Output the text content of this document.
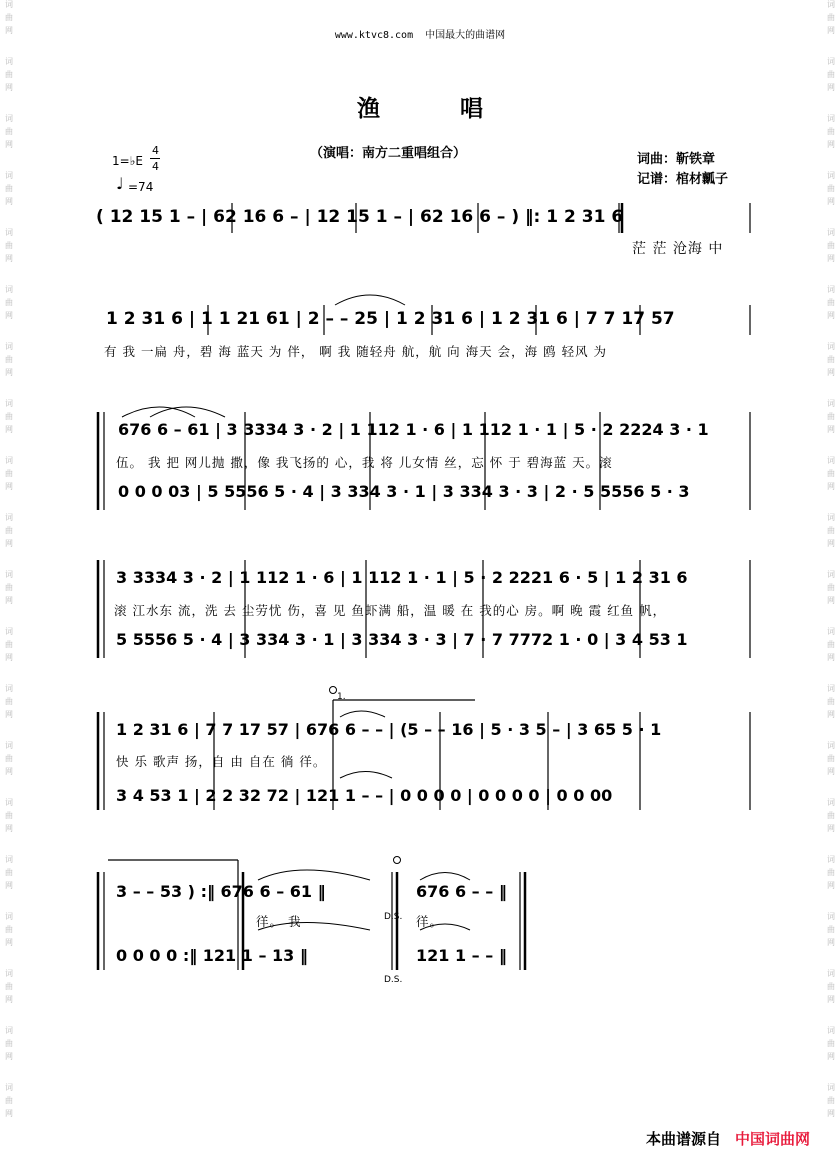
词
曲
网
词
曲
网
词
曲
网
词
曲
网
词
曲
网
词
曲
网
词
曲
网
词
曲
网
词
曲
网
词
曲
网
词
曲
网
词
曲
网
词
曲
网
词
曲
网
词
曲
网
词
曲
网
词
曲
网
词
曲
网
词
曲
网
词
曲
网
词
曲
网
词
曲
网
词
曲
网
词
曲
网
词
曲
网
词
曲
网
词
曲
网
词
曲
网
词
曲
网
词
曲
网
词
曲
网
词
曲
网
词
曲
网
词
曲
网
词
曲
网
词
曲
网
词
曲
网
词
曲
网
词
曲
网
词
曲
网
www.ktvc8.com 中国最大的曲谱网
渔 唱
（演唱：南方二重唱组合）	词曲：靳铁章
记谱：棺材瓤子
1=♭E
4
4
♩ =74
( 12 15 1 – | 62 16 6 – | 12 15 1 – | 62 16 6 – ) ‖: 1 2 31 6
茫 茫 沧海 中
1 2 31 6 | 1 1 21 61 | 2 – – 25 | 1 2 31 6 | 1 2 31 6 | 7 7 17 57
有 我 一扁 舟，碧 海 蓝天 为 伴， 啊 我 随轻舟 航，航 向 海天 会，海 鸥 轻风 为
676 6 – 61 | 3 3334 3 · 2 | 1 112 1 · 6 | 1 112 1 · 1 | 5 · 2 2224 3 · 1
伍。 我 把 网儿抛 撒，像 我飞扬的 心，我 将 儿女情 丝，忘 怀 于 碧海蓝 天。滚
0 0 0 03 | 5 5556 5 · 4 | 3 334 3 · 1 | 3 334 3 · 3 | 2 · 5 5556 5 · 3
3 3334 3 · 2 | 1 112 1 · 6 | 1 112 1 · 1 | 5 · 2 2221 6 · 5 | 1 2 31 6
滚 江水东 流，洗 去 尘劳忧 伤，喜 见 鱼虾满 船，温 暖 在 我的心 房。啊 晚 霞 红鱼 帆，
5 5556 5 · 4 | 3 334 3 · 1 | 3 334 3 · 3 | 7 · 7 7772 1 · 0 | 3 4 53 1
1.
1 2 31 6 | 7 7 17 57 | 676 6 – – | (5 – – 16 | 5 · 3 5 – | 3 65 5 · 1
快 乐 歌声 扬，自 由 自在 徜 徉。
3 4 53 1 | 2 2 32 72 | 121 1 – – | 0 0 0 0 | 0 0 0 0 | 0 0 00
3 – – 53 ) :‖ 676 6 – 61 ‖	676 6 – – ‖
徉。 我	徉。
D.S.
0 0 0 0 :‖ 121 1 – 13 ‖	121 1 – – ‖
D.S.
本曲谱源自 中国词曲网
